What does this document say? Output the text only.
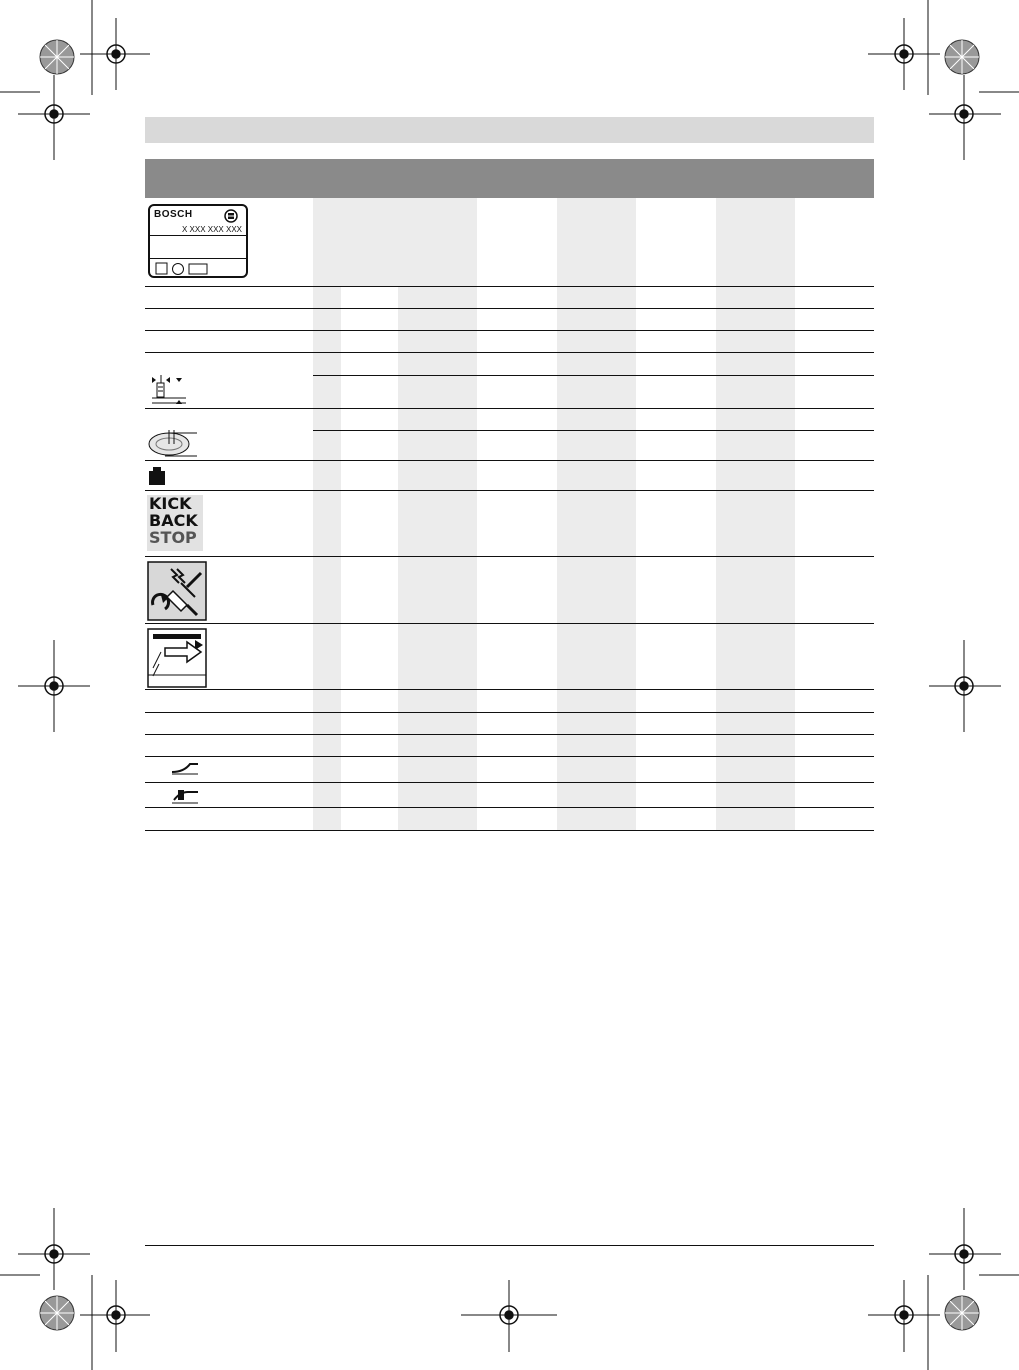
BOSCH
X XXX XXX XXX
KICK
BACK
STOP
